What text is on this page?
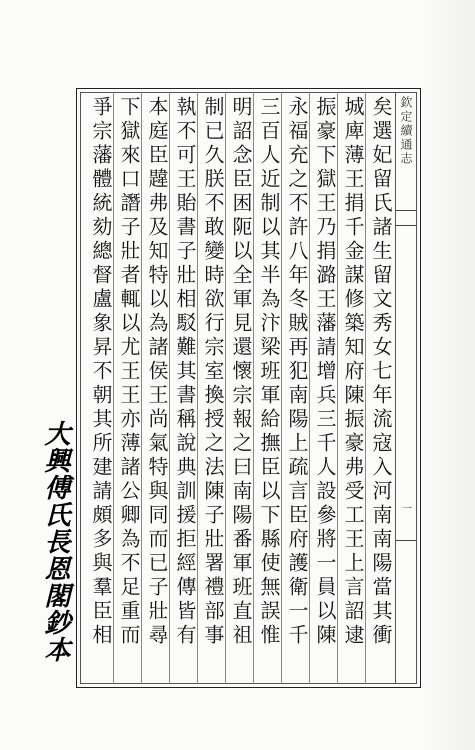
欽定續通志
一
矣選妃留氏諸生留文秀女七年流寇入河南南陽當其衝
城庳薄王捐千金謀修築知府陳振豪弗受工王上言詔逮
振豪下獄王乃捐潞王藩請增兵三千人設參將一員以陳
永福充之不許八年冬賊再犯南陽上疏言臣府護衛一千
三百人近制以其半為汴梁班軍給撫臣以下縣使無誤惟
明詔念臣困阨以全軍見還懷宗報之曰南陽番軍班直祖
制已久朕不敢變時欲行宗室換授之法陳子壯署禮部事
執不可王貽書子壯相駁難其書稱說典訓援拒經傳皆有
本庭臣韙弗及知特以為諸侯王尚氣特與同而已子壯尋
下獄來口譖子壯者輒以尤王王亦薄諸公卿為不足重而
爭宗藩體統劾總督盧象昇不朝其所建請頗多與羣臣相
大興傅氏長恩閣鈔本
